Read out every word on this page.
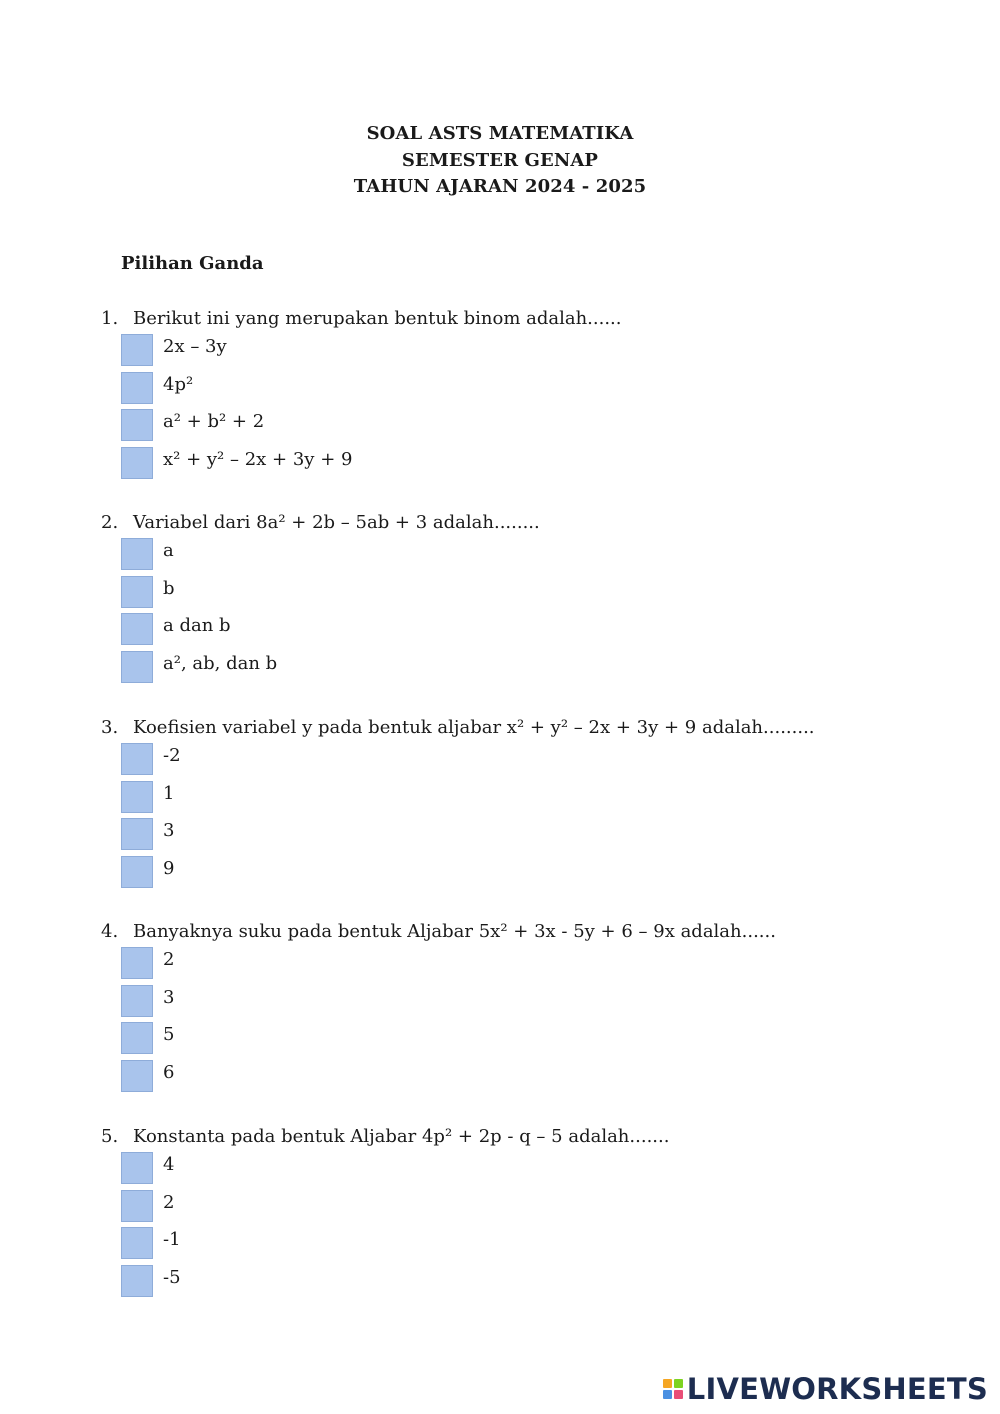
SOAL ASTS MATEMATIKA
SEMESTER GENAP
TAHUN AJARAN 2024 - 2025
Pilihan Ganda
1. Berikut ini yang merupakan bentuk binom adalah......
2x – 3y
4p²
a² + b² + 2
x² + y² – 2x + 3y + 9
2. Variabel dari 8a² + 2b – 5ab + 3 adalah........
a
b
a dan b
a², ab, dan b
3. Koefisien variabel y pada bentuk aljabar x² + y² – 2x + 3y + 9 adalah.........
-2
1
3
9
4. Banyaknya suku pada bentuk Aljabar 5x² + 3x - 5y + 6 – 9x adalah......
2
3
5
6
5. Konstanta pada bentuk Aljabar 4p² + 2p - q – 5 adalah.......
4
2
-1
-5
LIVEWORKSHEETS
